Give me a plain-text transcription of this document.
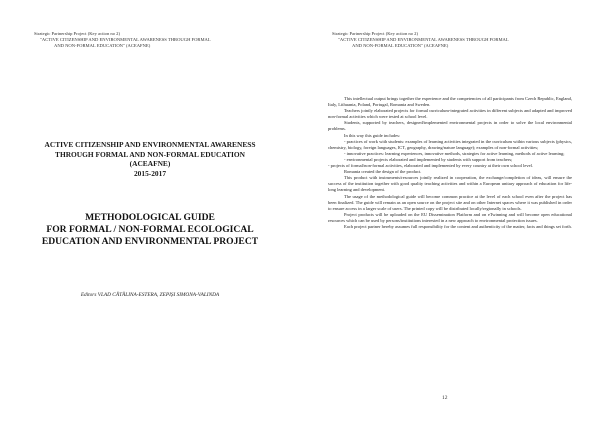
Strategic Partnership Project (Key action no 2)

"ACTIVE CITIZENSHIP AND ENVIRONMENTAL AWARENESS THROUGH FORMAL
AND NON-FORMAL EDUCATION" (ACEAFNE)
ACTIVE CITIZENSHIP AND ENVIRONMENTAL AWARENESS
THROUGH FORMAL AND NON-FORMAL EDUCATION
(ACEAFNE)
2015-2017
METHODOLOGICAL GUIDE
FOR FORMAL / NON-FORMAL ECOLOGICAL
EDUCATION AND ENVIRONMENTAL PROJECT
Editors VLAD CĂTĂLINA-ESTERA, ZEPIȘI SIMONA-VALINDA
Strategic Partnership Project (Key action no 2)

"ACTIVE CITIZENSHIP AND ENVIRONMENTAL AWARENESS THROUGH FORMAL
AND NON-FORMAL EDUCATION" (ACEAFNE)

This intellectual output brings together the experience and the competencies of all participants from Czech Republic, England, Italy, Lithuania, Poland, Portugal, Romania and Sweden.

Teachers jointly elaborated projects for formal curriculum-integrated activities in different subjects and adapted and improved non-formal activities which were tested at school level.

Students, supported by teachers, designed/implemented environmental projects in order to solve the local environmental problems.

In this way this guide includes:

- practices of work with students: examples of learning activities integrated in the curriculum within various subjects (physics, chemistry, biology, foreign languages, ICT, geography, drawing/nature language); examples of non-formal activities;

- innovative practices: learning experiences, innovative methods, strategies for active learning, methods of active learning;

- environmental projects elaborated and implemented by students with support from teachers;

- projects of formal/non-formal activities, elaborated and implemented by every country at their own school level.

Romania created the design of the product.

This product with instruments/resources jointly realized in cooperation, the exchange/completion of ideas, will ensure the success of the institution together with good quality teaching activities and within a European unitary approach of education for life-long learning and development.

The usage of the methodological guide will become common practice at the level of each school even after the project has been finalized. The guide will remain as an open source on the project site and on other Internet spaces where it was published in order to ensure access in a larger scale of users. The printed copy will be distributed locally/regionally in schools.

Project products will be uploaded on the EU Dissemination Platform and on eTwinning and will become open educational resources which can be used by persons/institutions interested in a new approach to environmental protection issues.

Each project partner hereby assumes full responsibility for the content and authenticity of the matter, facts and things set forth.

12
